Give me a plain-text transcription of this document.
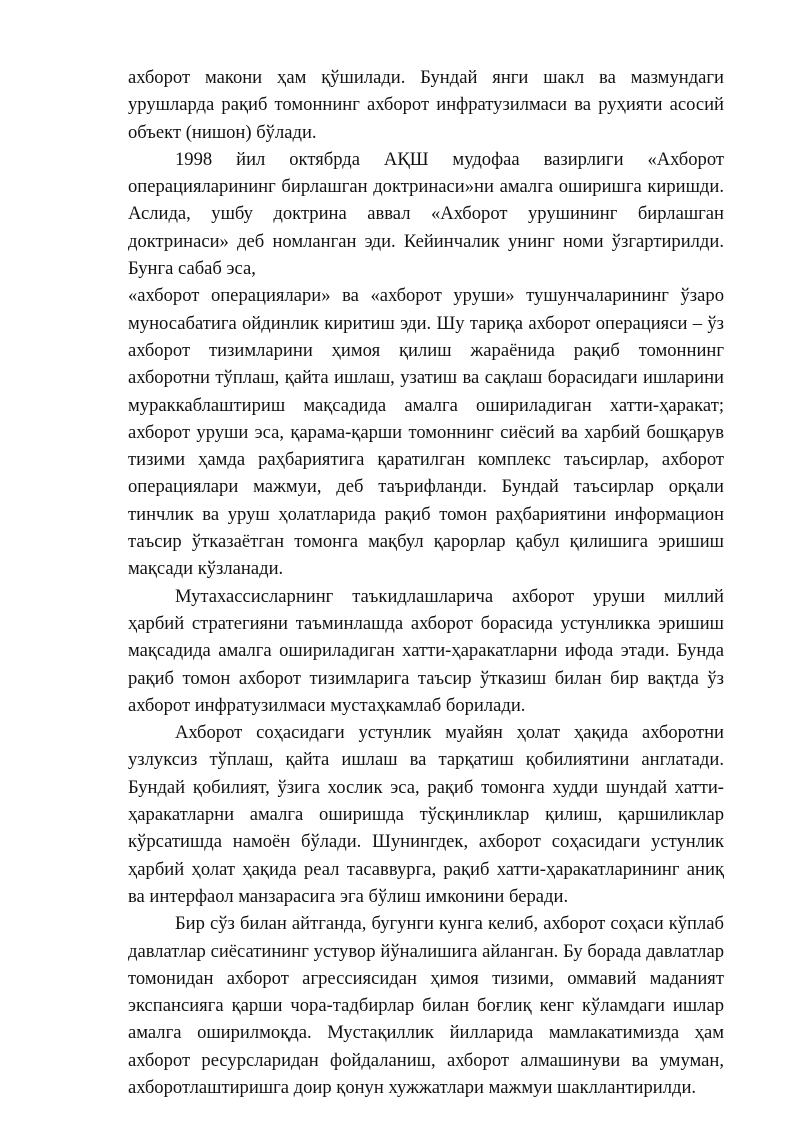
ахборот макони ҳам қўшилади. Бундай янги шакл ва мазмундаги урушларда рақиб томоннинг ахборот инфратузилмаси ва руҳияти асосий объект (нишон) бўлади.

1998 йил октябрда АҚШ мудофаа вазирлиги «Ахборот операцияларининг бирлашган доктринаси»ни амалга оширишга киришди. Аслида, ушбу доктрина аввал «Ахборот урушининг бирлашган доктринаси» деб номланган эди. Кейинчалик унинг номи ўзгартирилди. Бунга сабаб эса,

«ахборот операциялари» ва «ахборот уруши» тушунчаларининг ўзаро муносабатига ойдинлик киритиш эди. Шу тариқа ахборот операцияси – ўз ахборот тизимларини ҳимоя қилиш жараёнида рақиб томоннинг ахборотни тўплаш, қайта ишлаш, узатиш ва сақлаш борасидаги ишларини мураккаблаштириш мақсадида амалга ошириладиган хатти-ҳаракат; ахборот уруши эса, қарама-қарши томоннинг сиёсий ва харбий бошқарув тизими ҳамда раҳбариятига қаратилган комплекс таъсирлар, ахборот операциялари мажмуи, деб таърифланди. Бундай таъсирлар орқали тинчлик ва уруш ҳолатларида рақиб томон раҳбариятини информацион таъсир ўтказаётган томонга мақбул қарорлар қабул қилишига эришиш мақсади кўзланади.

Мутахассисларнинг таъкидлашларича ахборот уруши миллий ҳарбий стратегияни таъминлашда ахборот борасида устунликка эришиш мақсадида амалга ошириладиган хатти-ҳаракатларни ифода этади. Бунда рақиб томон ахборот тизимларига таъсир ўтказиш билан бир вақтда ўз ахборот инфратузилмаси мустаҳкамлаб борилади.

Ахборот соҳасидаги устунлик муайян ҳолат ҳақида ахборотни узлуксиз тўплаш, қайта ишлаш ва тарқатиш қобилиятини англатади. Бундай қобилият, ўзига хослик эса, рақиб томонга худди шундай хатти-ҳаракатларни амалга оширишда тўсқинликлар қилиш, қаршиликлар кўрсатишда намоён бўлади. Шунингдек, ахборот соҳасидаги устунлик ҳарбий ҳолат ҳақида реал тасаввурга, рақиб хатти-ҳаракатларининг аниқ ва интерфаол манзарасига эга бўлиш имконини беради.

Бир сўз билан айтганда, бугунги кунга келиб, ахборот соҳаси кўплаб давлатлар сиёсатининг устувор йўналишига айланган. Бу борада давлатлар томонидан ахборот агрессиясидан ҳимоя тизими, оммавий маданият экспансияга қарши чора-тадбирлар билан боғлиқ кенг кўламдаги ишлар амалга оширилмоқда. Мустақиллик йилларида мамлакатимизда ҳам ахборот ресурсларидан фойдаланиш, ахборот алмашинуви ва умуман, ахборотлаштиришга доир қонун хужжатлари мажмуи шакллантирилди.
